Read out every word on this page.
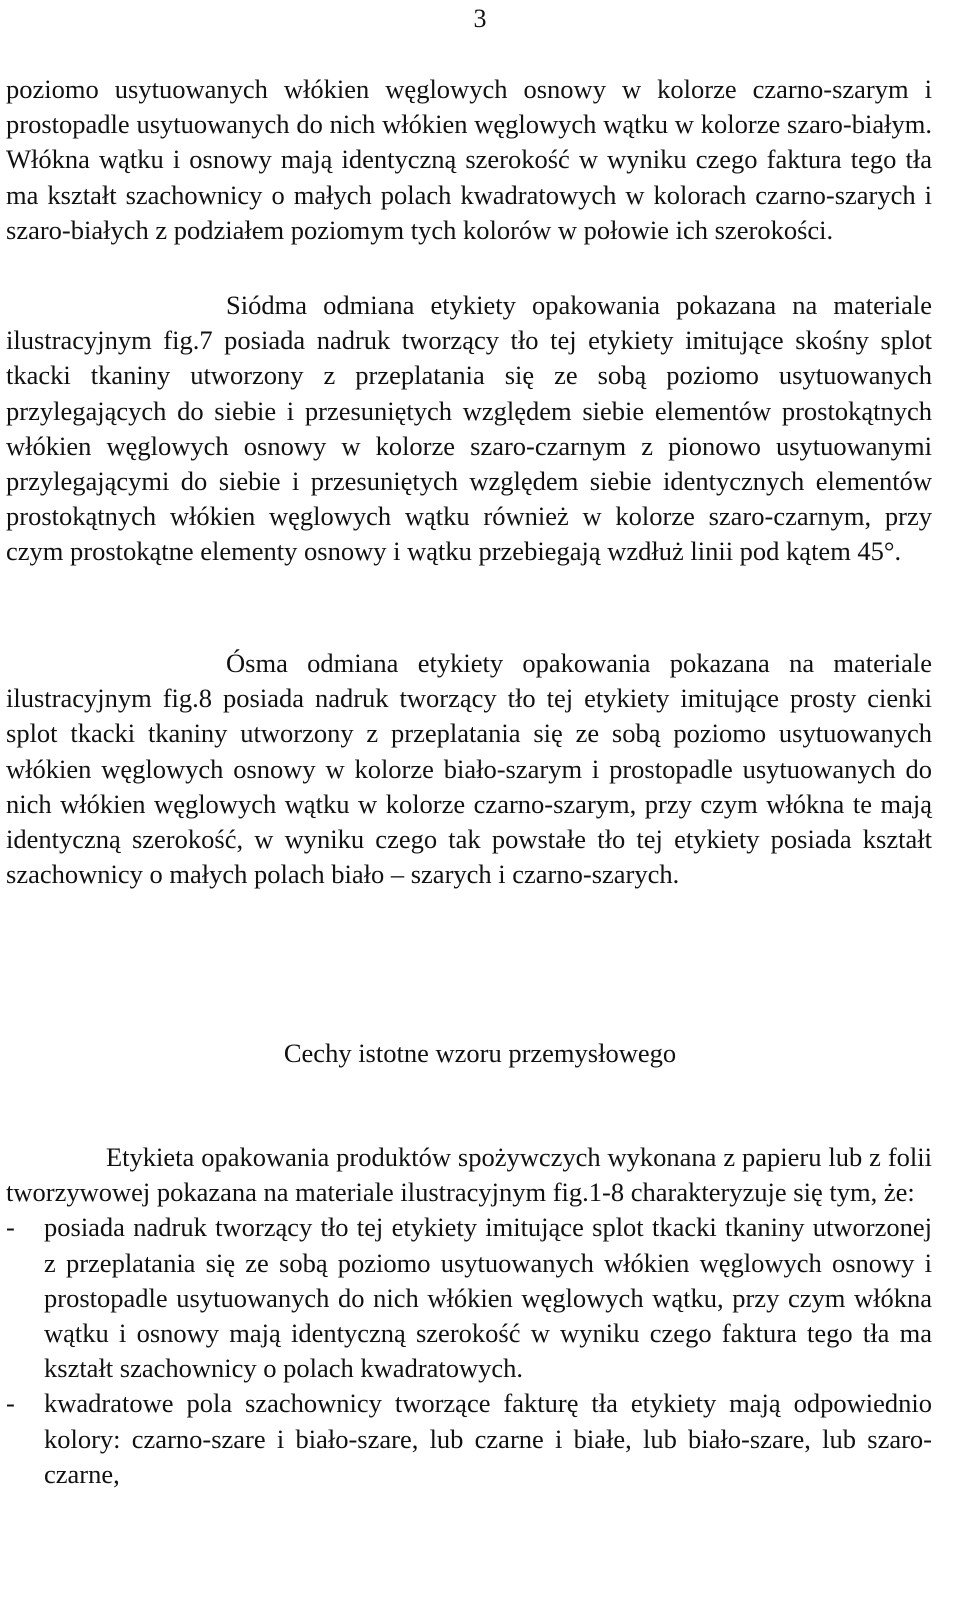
3

poziomo usytuowanych włókien węglowych osnowy w kolorze czarno-szarym i prostopadle usytuowanych do nich włókien węglowych wątku w kolorze szaro-białym. Włókna wątku i osnowy mają identyczną szerokość w wyniku czego faktura tego tła ma kształt szachownicy o małych polach kwadratowych w kolorach czarno-szarych i szaro-białych z podziałem poziomym tych kolorów w połowie ich szerokości.

Siódma odmiana etykiety opakowania pokazana na materiale ilustracyjnym fig.7 posiada nadruk tworzący tło tej etykiety imitujące skośny splot tkacki tkaniny utworzony z przeplatania się ze sobą poziomo usytuowanych przylegających do siebie i przesuniętych względem siebie elementów prostokątnych włókien węglowych osnowy w kolorze szaro-czarnym z pionowo usytuowanymi przylegającymi do siebie i przesuniętych względem siebie identycznych elementów prostokątnych włókien węglowych wątku również w kolorze szaro-czarnym, przy czym prostokątne elementy osnowy i wątku przebiegają wzdłuż linii pod kątem 45°.

Ósma odmiana etykiety opakowania pokazana na materiale ilustracyjnym fig.8 posiada nadruk tworzący tło tej etykiety imitujące prosty cienki splot tkacki tkaniny utworzony z przeplatania się ze sobą poziomo usytuowanych włókien węglowych osnowy w kolorze biało-szarym i prostopadle usytuowanych do nich włókien węglowych wątku w kolorze czarno-szarym, przy czym włókna te mają identyczną szerokość, w wyniku czego tak powstałe tło tej etykiety posiada kształt szachownicy o małych polach biało – szarych i czarno-szarych.

Cechy istotne wzoru przemysłowego

Etykieta opakowania produktów spożywczych wykonana z papieru lub z folii tworzywowej pokazana na materiale ilustracyjnym fig.1-8 charakteryzuje się tym, że:

- posiada nadruk tworzący tło tej etykiety imitujące splot tkacki tkaniny utworzonej z przeplatania się ze sobą poziomo usytuowanych włókien węglowych osnowy i prostopadle usytuowanych do nich włókien węglowych wątku, przy czym włókna wątku i osnowy mają identyczną szerokość w wyniku czego faktura tego tła ma kształt szachownicy o polach kwadratowych.

- kwadratowe pola szachownicy tworzące fakturę tła etykiety mają odpowiednio kolory: czarno-szare i biało-szare, lub czarne i białe, lub biało-szare, lub szaro-czarne,
